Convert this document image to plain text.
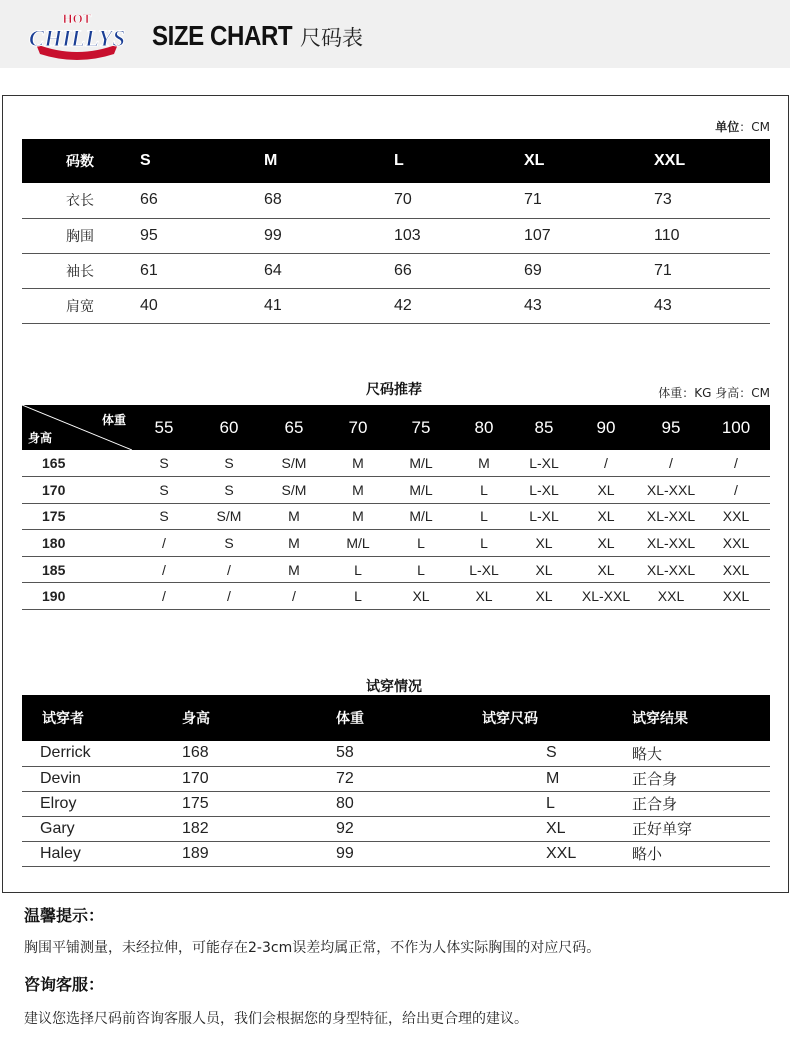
HOT
CHILLYS SIZE CHART 尺码表
单位：CM
码数	S	M	L	XL	XXL
衣长	66	68	70	71	73
胸围	95	99	103	107	110
袖长	61	64	66	69	71
肩宽	40	41	42	43	43
尺码推荐	体重：KG 身高：CM
体重
身高	55	60	65	70	75	80	85	90	95	100
165	S	S	S/M	M	M/L	M	L-XL	/	/	/
170	S	S	S/M	M	M/L	L	L-XL	XL	XL-XXL	/
175	S	S/M	M	M	M/L	L	L-XL	XL	XL-XXL	XXL
180	/	S	M	M/L	L	L	XL	XL	XL-XXL	XXL
185	/	/	M	L	L	L-XL	XL	XL	XL-XXL	XXL
190	/	/	/	L	XL	XL	XL	XL-XXL	XXL	XXL
试穿情况
试穿者	身高	体重	试穿尺码	试穿结果
Derrick	168	58	S	略大
Devin	170	72	M	正合身
Elroy	175	80	L	正合身
Gary	182	92	XL	正好单穿
Haley	189	99	XXL	略小
温馨提示：
胸围平铺测量，未经拉伸，可能存在2-3cm误差均属正常，不作为人体实际胸围的对应尺码。
咨询客服：
建议您选择尺码前咨询客服人员，我们会根据您的身型特征，给出更合理的建议。
